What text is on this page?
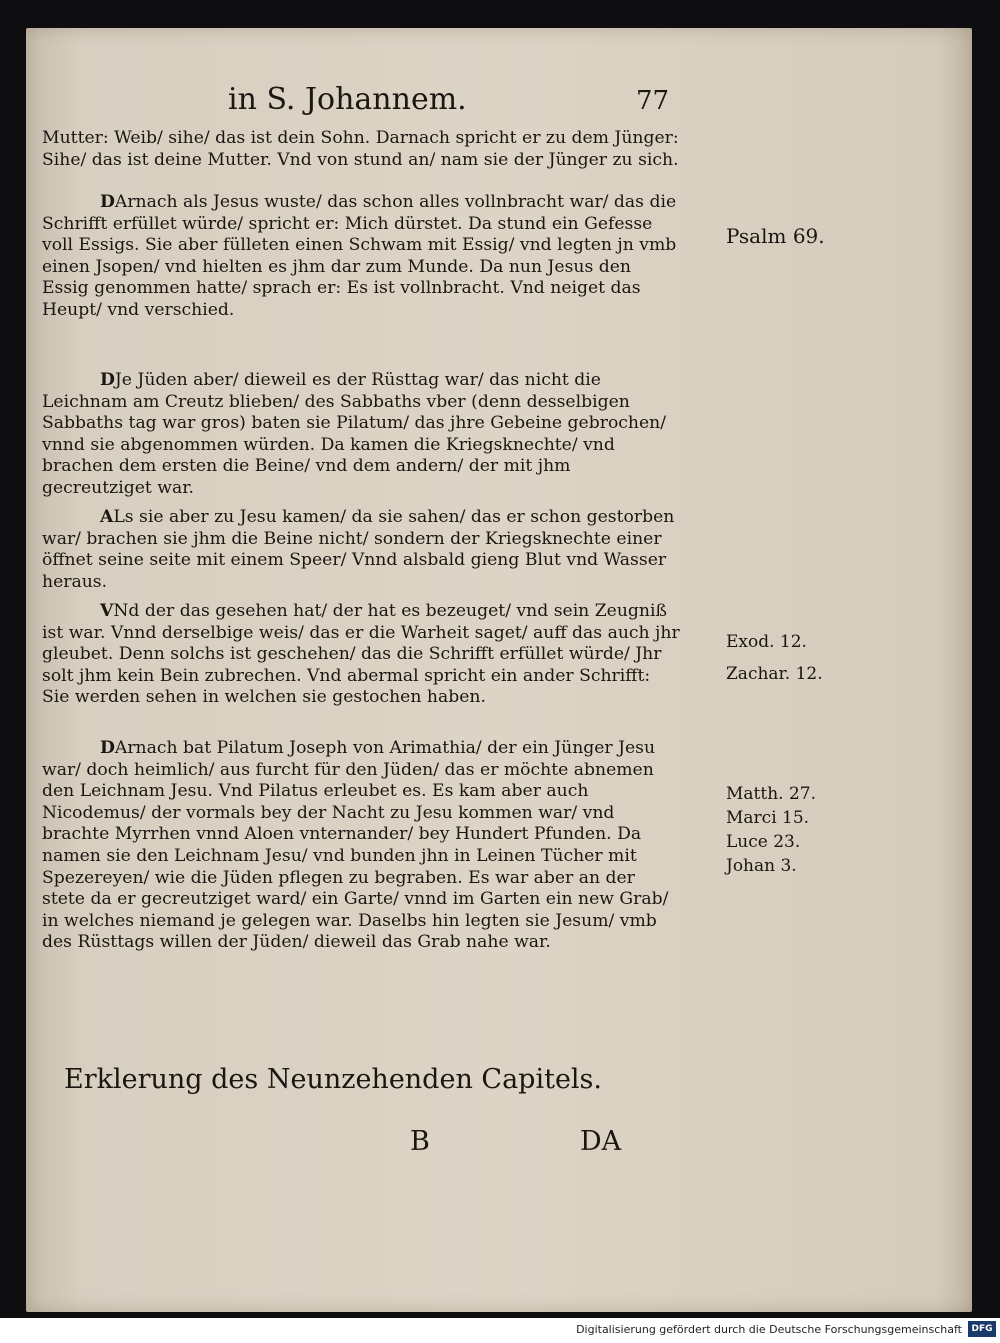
in S. Johannem.	77

Mutter: Weib/ sihe/ das ist dein Sohn. Darnach spricht er zu dem Jünger: Sihe/ das ist deine Mutter. Vnd von stund an/ nam sie der Jünger zu sich.

DArnach als Jesus wuste/ das schon alles vollnbracht war/ das die Schrifft erfüllet würde/ spricht er: Mich dürstet. Da stund ein Gefesse voll Essigs. Sie aber fülleten einen Schwam mit Essig/ vnd legten jn vmb einen Jsopen/ vnd hielten es jhm dar zum Munde. Da nun Jesus den Essig genommen hatte/ sprach er: Es ist vollnbracht. Vnd neiget das Heupt/ vnd verschied.

DJe Jüden aber/ dieweil es der Rüsttag war/ das nicht die Leichnam am Creutz blieben/ des Sabbaths vber (denn desselbigen Sabbaths tag war gros) baten sie Pilatum/ das jhre Gebeine gebrochen/ vnnd sie abgenommen würden. Da kamen die Kriegsknechte/ vnd brachen dem ersten die Beine/ vnd dem andern/ der mit jhm gecreutziget war.

ALs sie aber zu Jesu kamen/ da sie sahen/ das er schon gestorben war/ brachen sie jhm die Beine nicht/ sondern der Kriegsknechte einer öffnet seine seite mit einem Speer/ Vnnd alsbald gieng Blut vnd Wasser heraus.

VNd der das gesehen hat/ der hat es bezeuget/ vnd sein Zeugniß ist war. Vnnd derselbige weis/ das er die Warheit saget/ auff das auch jhr gleubet. Denn solchs ist geschehen/ das die Schrifft erfüllet würde/ Jhr solt jhm kein Bein zubrechen. Vnd abermal spricht ein ander Schrifft: Sie werden sehen in welchen sie gestochen haben.

DArnach bat Pilatum Joseph von Arimathia/ der ein Jünger Jesu war/ doch heimlich/ aus furcht für den Jüden/ das er möchte abnemen den Leichnam Jesu. Vnd Pilatus erleubet es. Es kam aber auch Nicodemus/ der vormals bey der Nacht zu Jesu kommen war/ vnd brachte Myrrhen vnnd Aloen vnternander/ bey Hundert Pfunden. Da namen sie den Leichnam Jesu/ vnd bunden jhn in Leinen Tücher mit Spezereyen/ wie die Jüden pflegen zu begraben. Es war aber an der stete da er gecreutziget ward/ ein Garte/ vnnd im Garten ein new Grab/ in welches niemand je gelegen war. Daselbs hin legten sie Jesum/ vmb des Rüsttags willen der Jüden/ dieweil das Grab nahe war.

Psalm 69.
Exod. 12.
Zachar. 12.
Matth. 27.
Marci 15.
Luce 23.
Johan 3.
Erklerung des Neunzehenden Capitels.
B	DA
Digitalisierung gefördert durch die Deutsche Forschungsgemeinschaft	DFG
